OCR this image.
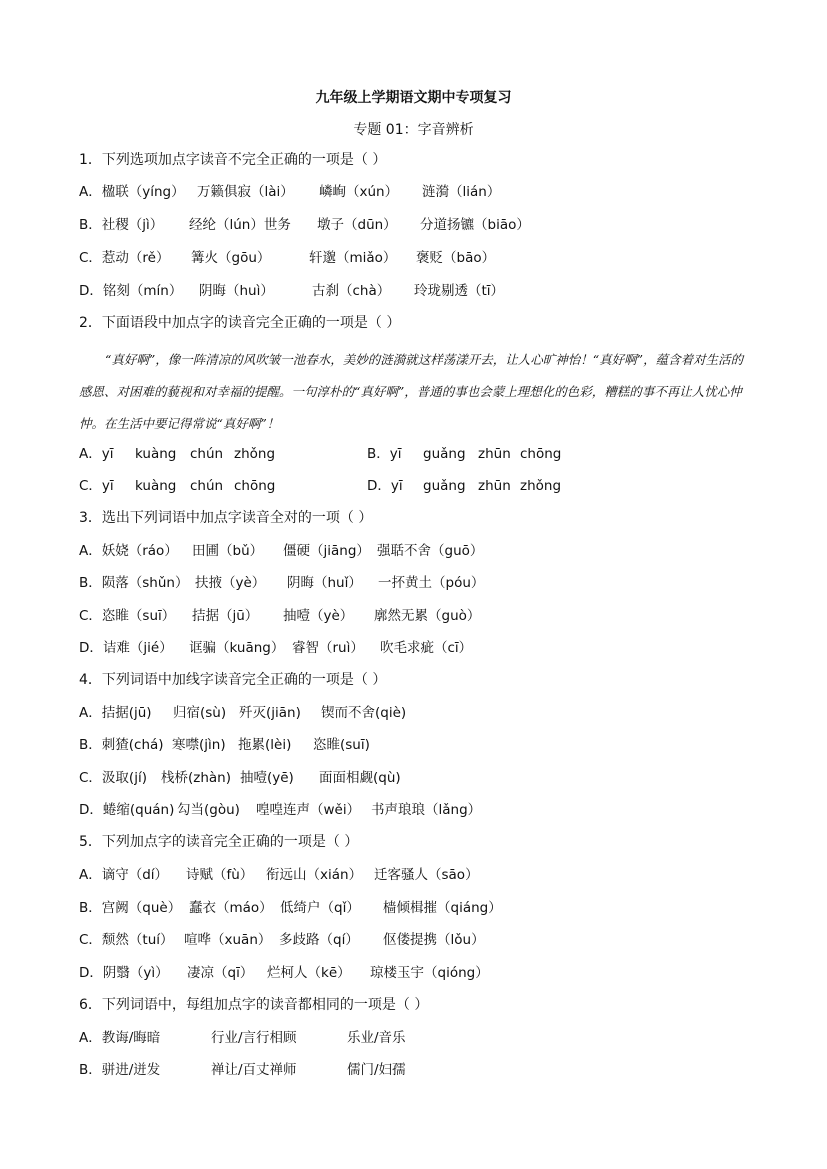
九年级上学期语文期中专项复习
专题 01：字音辨析
1．下列选项加点字读音不完全正确的一项是（ ）
A．楹联（yíng） 万籁俱寂（lài） 嶙峋（xún） 涟漪（lián）
B．社稷（jì） 经纶（lún）世务 墩子（dūn） 分道扬镳（biāo）
C．惹动（rě） 篝火（gōu）	轩邈（miǎo） 褒贬（bāo）
D．铭刻（mín） 阴晦（huì）	古刹（chà） 玲珑剔透（tī）
2．下面语段中加点字的读音完全正确的一项是（ ）
“真好啊”，像一阵清凉的风吹皱一池春水，美妙的涟漪就这样荡漾开去，让人心旷神怡！“真好啊”，蕴含着对生活的感恩、对困难的藐视和对幸福的提醒。一句淳朴的“真好啊”，普通的事也会蒙上理想化的色彩，糟糕的事不再让人忧心忡忡。在生活中要记得常说“真好啊”！
A．yī kuàng chún zhǒng	B．yī guǎng zhūn chōng
C．yī kuàng chún chōng	D．yī guǎng zhūn zhǒng
3．选出下列词语中加点字读音全对的一项（ ）
A．妖娆（ráo） 田圃（bǔ） 僵硬（jiāng） 强聒不舍（guō）
B．陨落（shǔn） 扶掖（yè） 阴晦（huǐ） 一抔黄土（póu）
C．恣睢（suī） 拮据（jū） 抽噎（yè） 廓然无累（guò）
D．诘难（jié） 诓骗（kuāng） 睿智（ruì） 吹毛求疵（cī）
4．下列词语中加线字读音完全正确的一项是（ ）
A．拮据(jū) 归宿(sù) 歼灭(jiān) 锲而不舍(qiè)
B．刺猹(chá) 寒噤(jìn) 拖累(lèi) 恣睢(suī)
C．汲取(jí) 栈桥(zhàn) 抽噎(yē) 面面相觑(qù)
D．蜷缩(quán) 勾当(gòu) 喤喤连声（wěi） 书声琅琅（lǎng）
5．下列加点字的读音完全正确的一项是（ ）
A．谪守（dí） 诗赋（fù） 衔远山（xián） 迁客骚人（sāo）
B．宫阙（què） 蠢衣（máo） 低绮户（qǐ） 樯倾楫摧（qiáng）
C．颓然（tuí） 喧哗（xuān） 多歧路（qí） 伛偻提携（lǒu）
D．阴翳（yì） 凄凉（qī） 烂柯人（kē） 琼楼玉宇（qióng）
6．下列词语中，每组加点字的读音都相同的一项是（ ）
A．教诲/晦暗	行业/言行相顾	乐业/音乐
B．骈进/迸发	禅让/百丈禅师	儒门/妇孺
